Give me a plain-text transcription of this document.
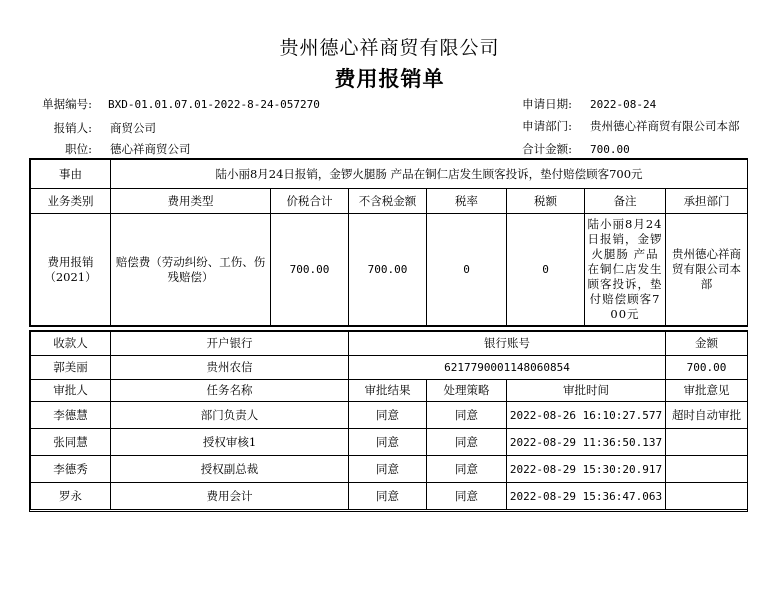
贵州德心祥商贸有限公司
费用报销单
单据编号: BXD-01.01.07.01-2022-8-24-057270
报销人: 商贸公司
职位: 德心祥商贸公司
申请日期: 2022-08-24
申请部门: 贵州德心祥商贸有限公司本部
合计金额: 700.00
事由	陆小丽8月24日报销，金锣火腿肠 产品在铜仁店发生顾客投诉，垫付赔偿顾客700元						
业务类别	费用类型	价税合计	不含税金额	税率	税额	备注	承担部门
费用报销（2021）	赔偿费（劳动纠纷、工伤、伤残赔偿）	700.00	700.00	0	0	陆小丽8月24日报销，金锣火腿肠 产品在铜仁店发生顾客投诉，垫付赔偿顾客700元	贵州德心祥商贸有限公司本部
收款人	开户银行	银行账号			金额
郭美丽	贵州农信	6217790001148060854			700.00
审批人	任务名称	审批结果	处理策略	审批时间	审批意见
李德慧	部门负责人	同意	同意	2022-08-26 16:10:27.577	超时自动审批
张同慧	授权审核1	同意	同意	2022-08-29 11:36:50.137	
李德秀	授权副总裁	同意	同意	2022-08-29 15:30:20.917	
罗永	费用会计	同意	同意	2022-08-29 15:36:47.063	
